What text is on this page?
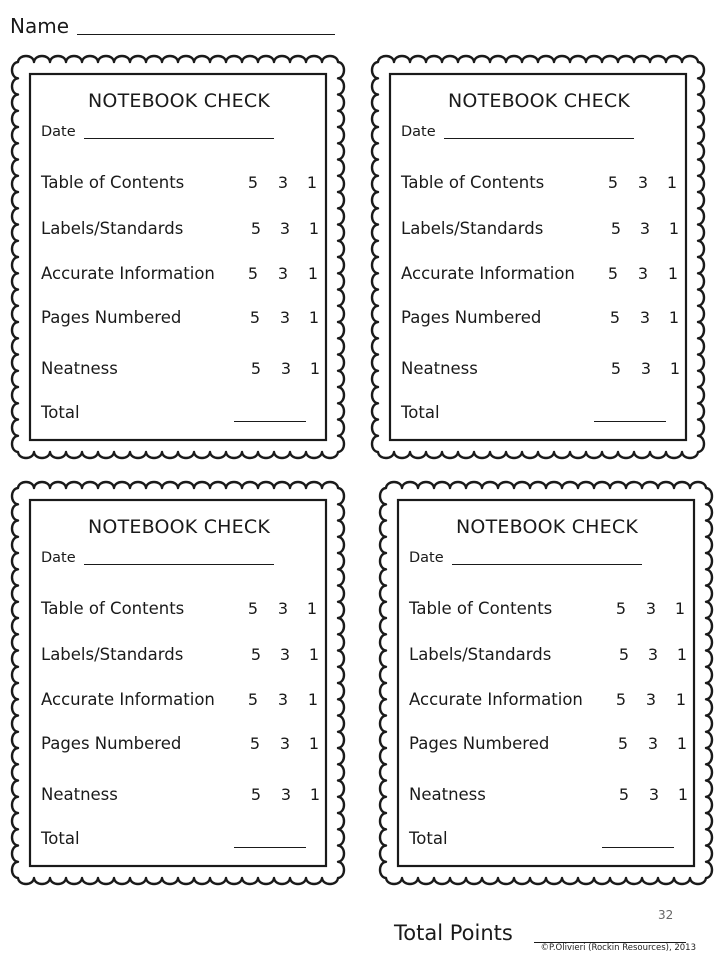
Name
NOTEBOOK CHECK
Date
Table of Contents	5 3 1
Labels/Standards	5 3 1
Accurate Information 5 3 1
Pages Numbered	5 3 1
Neatness	5 3 1
Total
NOTEBOOK CHECK
Date
Table of Contents	5 3 1
Labels/Standards	5 3 1
Accurate Information 5 3 1
Pages Numbered	5 3 1
Neatness	5 3 1
Total
NOTEBOOK CHECK
Date
Table of Contents	5 3 1
Labels/Standards	5 3 1
Accurate Information 5 3 1
Pages Numbered	5 3 1
Neatness	5 3 1
Total
NOTEBOOK CHECK
Date
Table of Contents	5 3 1
Labels/Standards	5 3 1
Accurate Information 5 3 1
Pages Numbered	5 3 1
Neatness	5 3 1
Total
32
Total Points
©P.Olivieri (Rockin Resources), 2013
